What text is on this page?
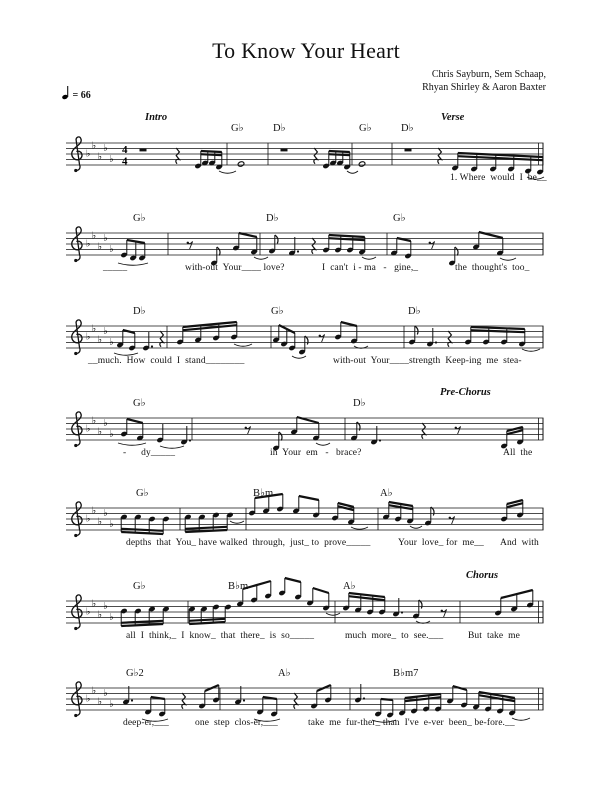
To Know Your Heart
Chris Sayburn, Sem Schaap,
Rhyan Shirley & Aaron Baxter
= 66
♭
♭
♭
♭
♭
4
4
♭
♭
♭
♭
♭
♭
♭
♭
♭
♭
♭
♭
♭
♭
♭
♭
♭
♭
♭
♭
♭
♭
♭
♭
♭
♭
♭
♭
♭
♭
Intro	Verse
G♭	D♭	G♭	D♭
1. Where  would  I  be__
G♭	D♭	G♭
_____	with-out  Your____ love?	I  can't  i - ma   -   gine,_	the  thought's  too_
D♭	G♭	D♭
__much.  How  could  I  stand________	with-out  Your____strength  Keep-ing  me  stea-
Pre-Chorus
G♭	D♭
-      dy_____	in  Your  em   -   brace?	All  the
G♭	B♭m	A♭
depths  that  You_ have walked  through,  just_ to  prove_____	Your  love_ for  me__ And  with
Chorus
G♭	B♭m	A♭
all  I  think,_  I  know_  that  there_  is  so_____	much  more_  to  see.___	But  take  me
G♭2	A♭	B♭m7
deep-er,___	one  step  clos-er,___	take  me  fur-ther_ than  I've  e-ver  been_ be-fore.__
